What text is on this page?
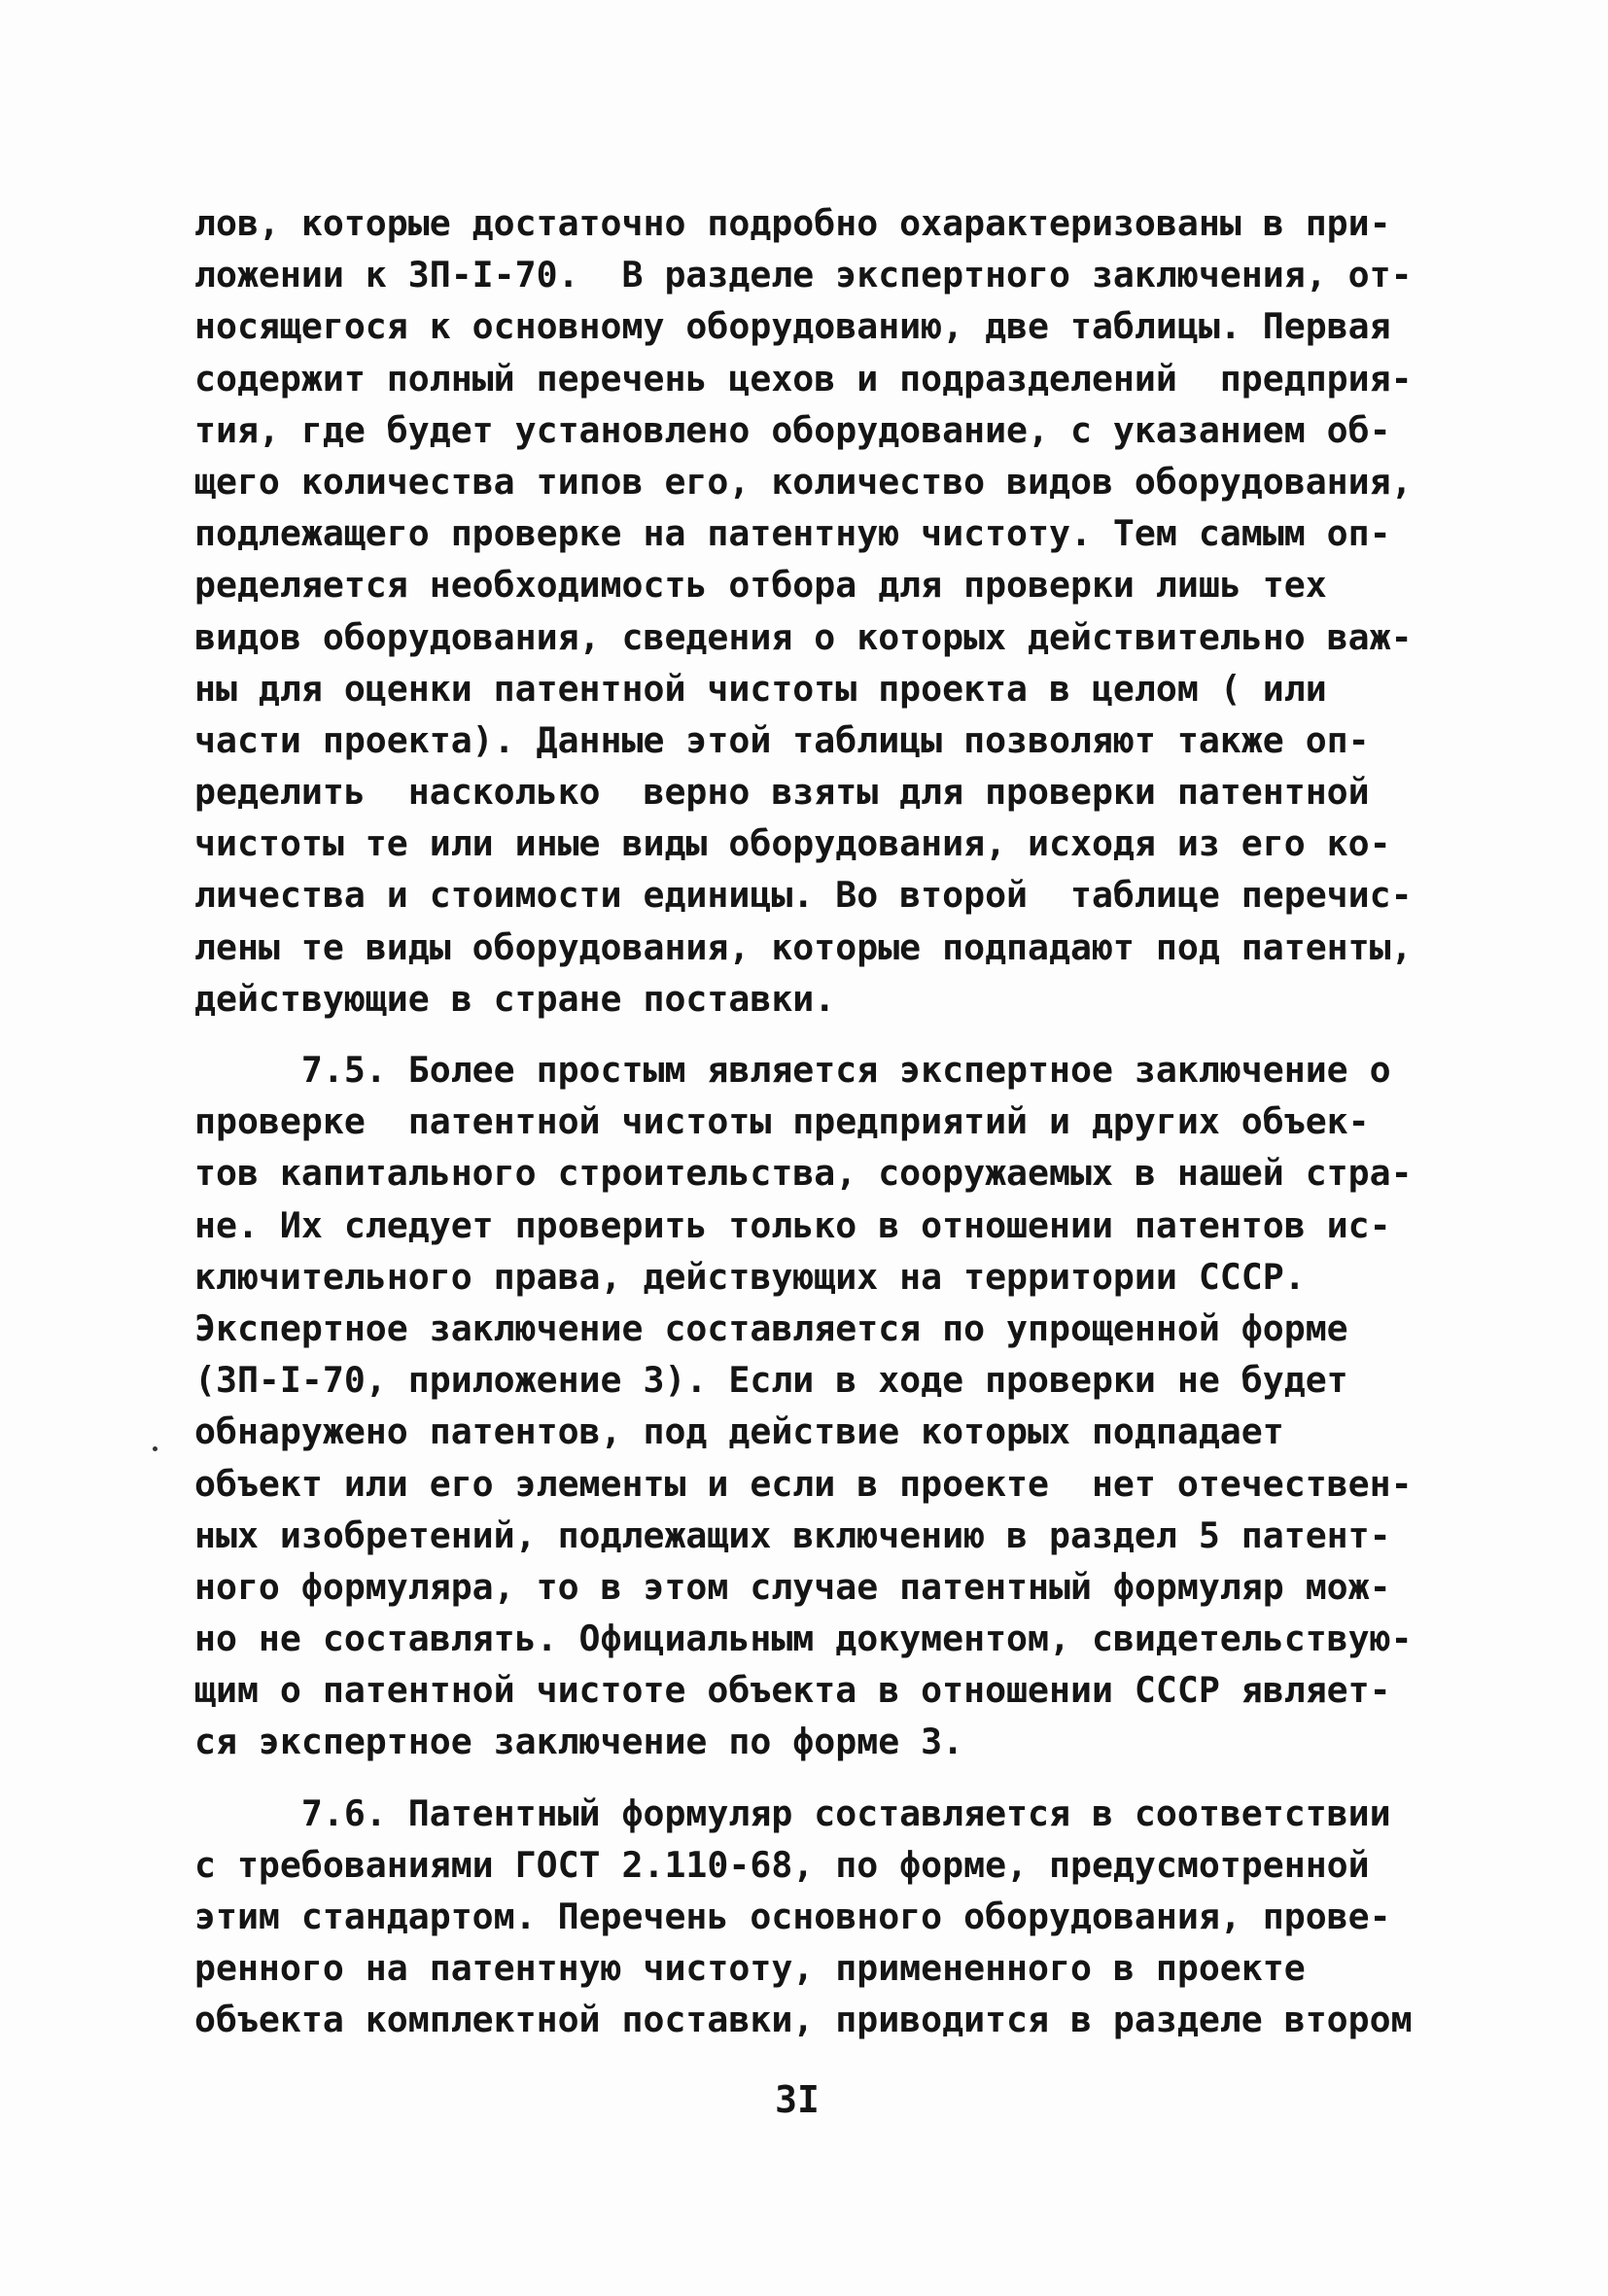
лов, которые достаточно подробно охарактеризованы в при-
ложении к ЗП-I-70.  В разделе экспертного заключения, от-
носящегося к основному оборудованию, две таблицы. Первая
содержит полный перечень цехов и подразделений  предприя-
тия, где будет установлено оборудование, с указанием об-
щего количества типов его, количество видов оборудования,
подлежащего проверке на патентную чистоту. Тем самым оп-
ределяется необходимость отбора для проверки лишь тех
видов оборудования, сведения о которых действительно важ-
ны для оценки патентной чистоты проекта в целом ( или
части проекта). Данные этой таблицы позволяют также оп-
ределить  насколько  верно взяты для проверки патентной
чистоты те или иные виды оборудования, исходя из его ко-
личества и стоимости единицы. Во второй  таблице перечис-
лены те виды оборудования, которые подпадают под патенты,
действующие в стране поставки.
7.5. Более простым является экспертное заключение о
проверке  патентной чистоты предприятий и других объек-
тов капитального строительства, сооружаемых в нашей стра-
не. Их следует проверить только в отношении патентов ис-
ключительного права, действующих на территории СССР.
Экспертное заключение составляется по упрощенной форме
(ЗП-I-70, приложение 3). Если в ходе проверки не будет
обнаружено патентов, под действие которых подпадает
объект или его элементы и если в проекте  нет отечествен-
ных изобретений, подлежащих включению в раздел 5 патент-
ного формуляра, то в этом случае патентный формуляр мож-
но не составлять. Официальным документом, свидетельствую-
щим о патентной чистоте объекта в отношении СССР являет-
ся экспертное заключение по форме 3.
7.6. Патентный формуляр составляется в соответствии
с требованиями ГОСТ 2.110-68, по форме, предусмотренной
этим стандартом. Перечень основного оборудования, прове-
ренного на патентную чистоту, примененного в проекте
объекта комплектной поставки, приводится в разделе втором
3I
